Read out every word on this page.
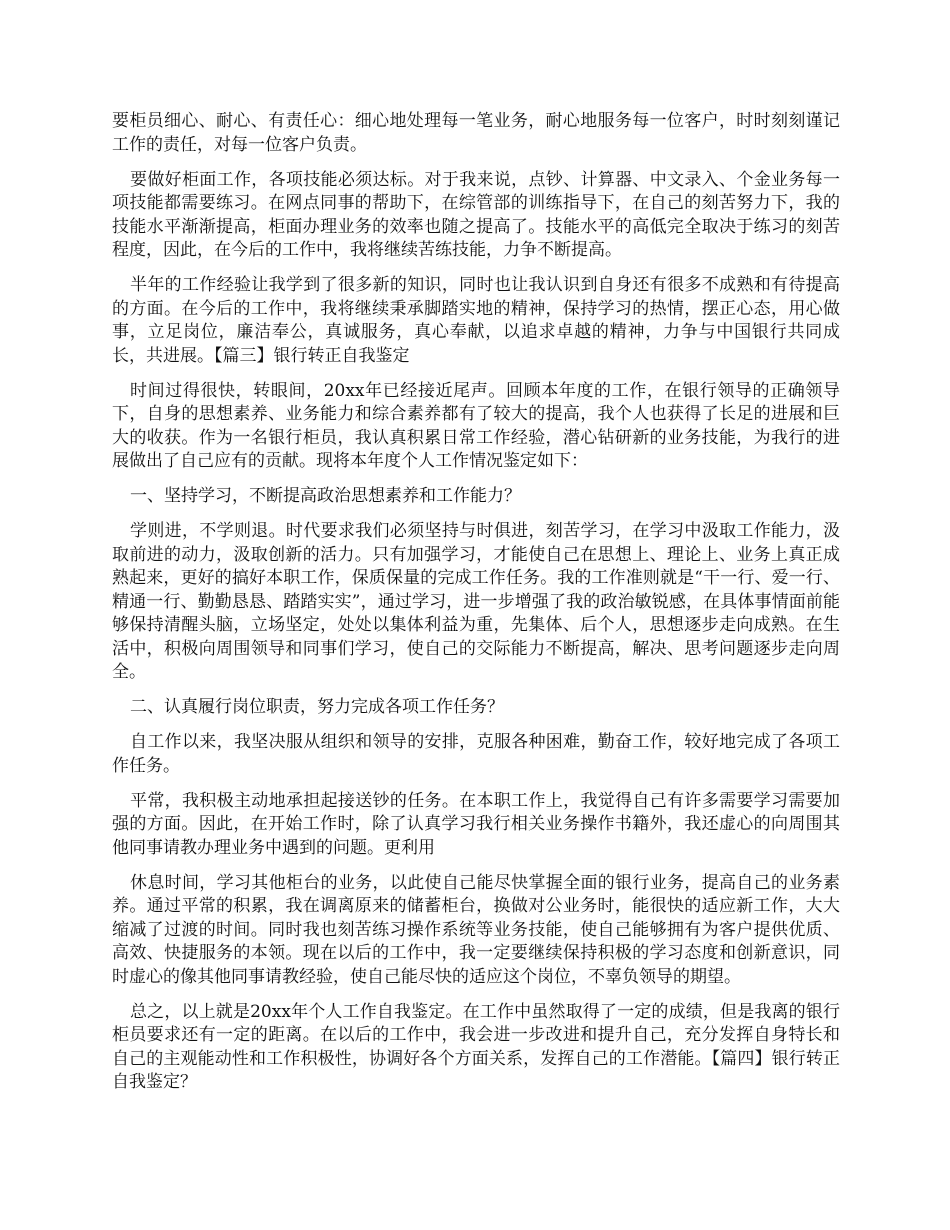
要柜员细心、耐心、有责任心：细心地处理每一笔业务，耐心地服务每一位客户，时时刻刻谨记工作的责任，对每一位客户负责。

要做好柜面工作，各项技能必须达标。对于我来说，点钞、计算器、中文录入、个金业务每一项技能都需要练习。在网点同事的帮助下，在综管部的训练指导下，在自己的刻苦努力下，我的技能水平渐渐提高，柜面办理业务的效率也随之提高了。技能水平的高低完全取决于练习的刻苦程度，因此，在今后的工作中，我将继续苦练技能，力争不断提高。

半年的工作经验让我学到了很多新的知识，同时也让我认识到自身还有很多不成熟和有待提高的方面。在今后的工作中，我将继续秉承脚踏实地的精神，保持学习的热情，摆正心态，用心做事，立足岗位，廉洁奉公，真诚服务，真心奉献，以追求卓越的精神，力争与中国银行共同成长，共进展。【篇三】银行转正自我鉴定

时间过得很快，转眼间，20xx年已经接近尾声。回顾本年度的工作，在银行领导的正确领导下，自身的思想素养、业务能力和综合素养都有了较大的提高，我个人也获得了长足的进展和巨大的收获。作为一名银行柜员，我认真积累日常工作经验，潜心钻研新的业务技能，为我行的进展做出了自己应有的贡献。现将本年度个人工作情况鉴定如下：

一、坚持学习，不断提高政治思想素养和工作能力？

学则进，不学则退。时代要求我们必须坚持与时俱进，刻苦学习，在学习中汲取工作能力，汲取前进的动力，汲取创新的活力。只有加强学习，才能使自己在思想上、理论上、业务上真正成熟起来，更好的搞好本职工作，保质保量的完成工作任务。我的工作准则就是“干一行、爱一行、精通一行、勤勤恳恳、踏踏实实”，通过学习，进一步增强了我的政治敏锐感，在具体事情面前能够保持清醒头脑，立场坚定，处处以集体利益为重，先集体、后个人，思想逐步走向成熟。在生活中，积极向周围领导和同事们学习，使自己的交际能力不断提高，解决、思考问题逐步走向周全。

二、认真履行岗位职责，努力完成各项工作任务？

自工作以来，我坚决服从组织和领导的安排，克服各种困难，勤奋工作，较好地完成了各项工作任务。

平常，我积极主动地承担起接送钞的任务。在本职工作上，我觉得自己有许多需要学习需要加强的方面。因此，在开始工作时，除了认真学习我行相关业务操作书籍外，我还虚心的向周围其他同事请教办理业务中遇到的问题。更利用

休息时间，学习其他柜台的业务，以此使自己能尽快掌握全面的银行业务，提高自己的业务素养。通过平常的积累，我在调离原来的储蓄柜台，换做对公业务时，能很快的适应新工作，大大缩减了过渡的时间。同时我也刻苦练习操作系统等业务技能，使自己能够拥有为客户提供优质、高效、快捷服务的本领。现在以后的工作中，我一定要继续保持积极的学习态度和创新意识，同时虚心的像其他同事请教经验，使自己能尽快的适应这个岗位，不辜负领导的期望。

总之，以上就是20xx年个人工作自我鉴定。在工作中虽然取得了一定的成绩，但是我离的银行柜员要求还有一定的距离。在以后的工作中，我会进一步改进和提升自己，充分发挥自身特长和自己的主观能动性和工作积极性，协调好各个方面关系，发挥自己的工作潜能。【篇四】银行转正自我鉴定？
